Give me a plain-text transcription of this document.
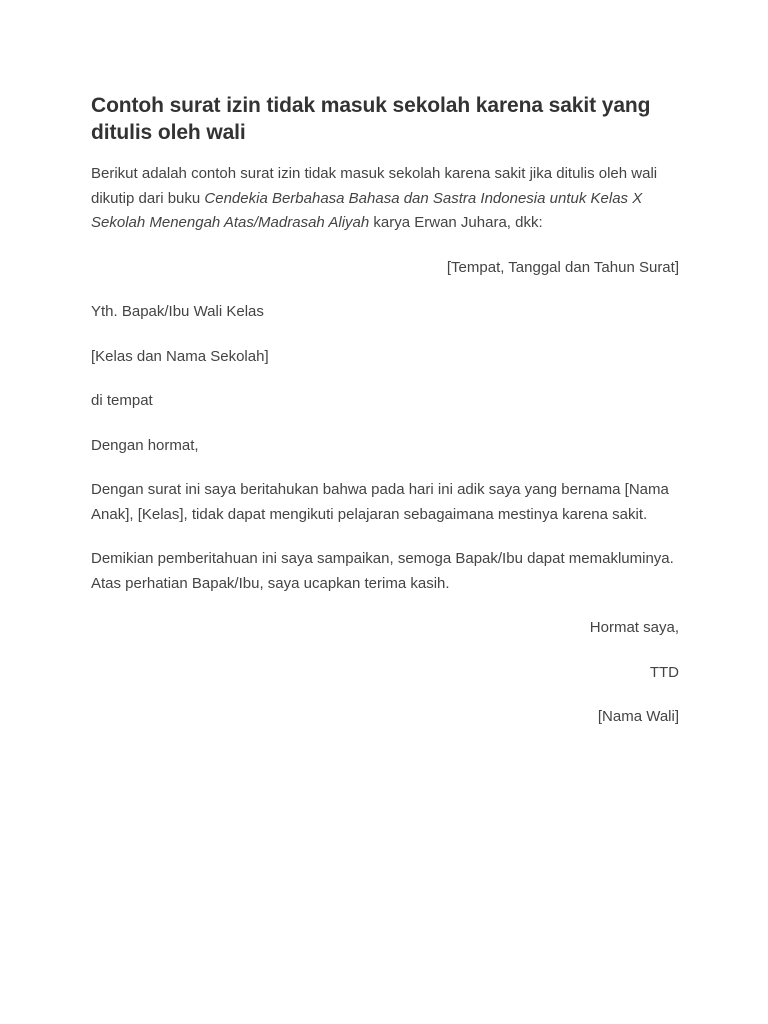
Contoh surat izin tidak masuk sekolah karena sakit yang ditulis oleh wali

Berikut adalah contoh surat izin tidak masuk sekolah karena sakit jika ditulis oleh wali dikutip dari buku Cendekia Berbahasa Bahasa dan Sastra Indonesia untuk Kelas X Sekolah Menengah Atas/Madrasah Aliyah karya Erwan Juhara, dkk:

[Tempat, Tanggal dan Tahun Surat]

Yth. Bapak/Ibu Wali Kelas

[Kelas dan Nama Sekolah]

di tempat

Dengan hormat,

Dengan surat ini saya beritahukan bahwa pada hari ini adik saya yang bernama [Nama Anak], [Kelas], tidak dapat mengikuti pelajaran sebagaimana mestinya karena sakit.

Demikian pemberitahuan ini saya sampaikan, semoga Bapak/Ibu dapat memakluminya. Atas perhatian Bapak/Ibu, saya ucapkan terima kasih.

Hormat saya,

TTD

[Nama Wali]
